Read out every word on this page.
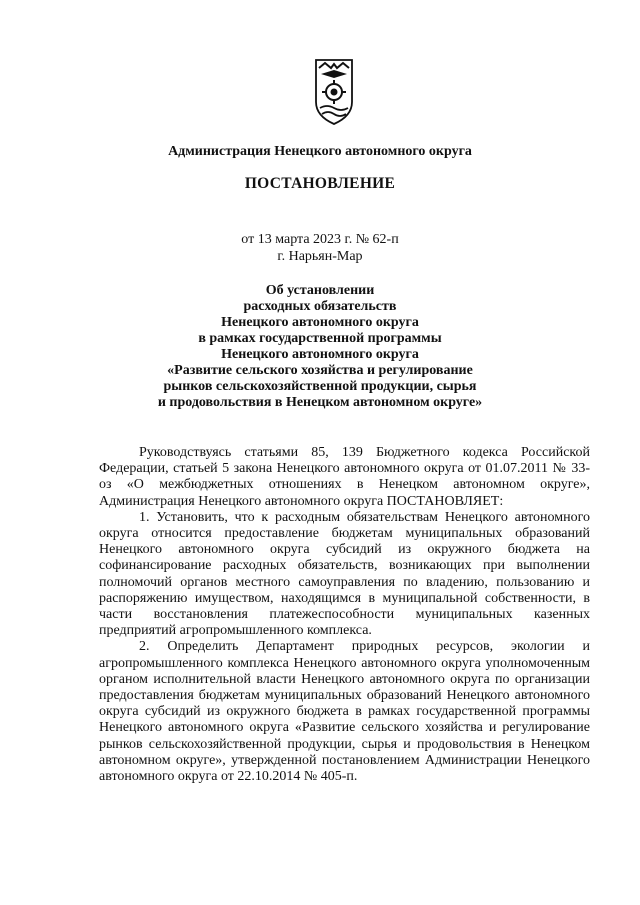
Администрация Ненецкого автономного округа
ПОСТАНОВЛЕНИЕ
от 13 марта 2023 г. № 62-п
г. Нарьян-Мар
Об установлении
расходных обязательств
Ненецкого автономного округа
в рамках государственной программы
Ненецкого автономного округа
«Развитие сельского хозяйства и регулирование
рынков сельскохозяйственной продукции, сырья
и продовольствия в Ненецком автономном округе»

Руководствуясь статьями 85, 139 Бюджетного кодекса Российской Федерации, статьей 5 закона Ненецкого автономного округа от 01.07.2011 № 33-оз «О межбюджетных отношениях в Ненецком автономном округе», Администрация Ненецкого автономного округа ПОСТАНОВЛЯЕТ:

1. Установить, что к расходным обязательствам Ненецкого автономного округа относится предоставление бюджетам муниципальных образований Ненецкого автономного округа субсидий из окружного бюджета на софинансирование расходных обязательств, возникающих при выполнении полномочий органов местного самоуправления по владению, пользованию и распоряжению имуществом, находящимся в муниципальной собственности, в части восстановления платежеспособности муниципальных казенных предприятий агропромышленного комплекса.

2. Определить Департамент природных ресурсов, экологии и агропромышленного комплекса Ненецкого автономного округа уполномоченным органом исполнительной власти Ненецкого автономного округа по организации предоставления бюджетам муниципальных образований Ненецкого автономного округа субсидий из окружного бюджета в рамках государственной программы Ненецкого автономного округа «Развитие сельского хозяйства и регулирование рынков сельскохозяйственной продукции, сырья и продовольствия в Ненецком автономном округе», утвержденной постановлением Администрации Ненецкого автономного округа от 22.10.2014 № 405-п.
